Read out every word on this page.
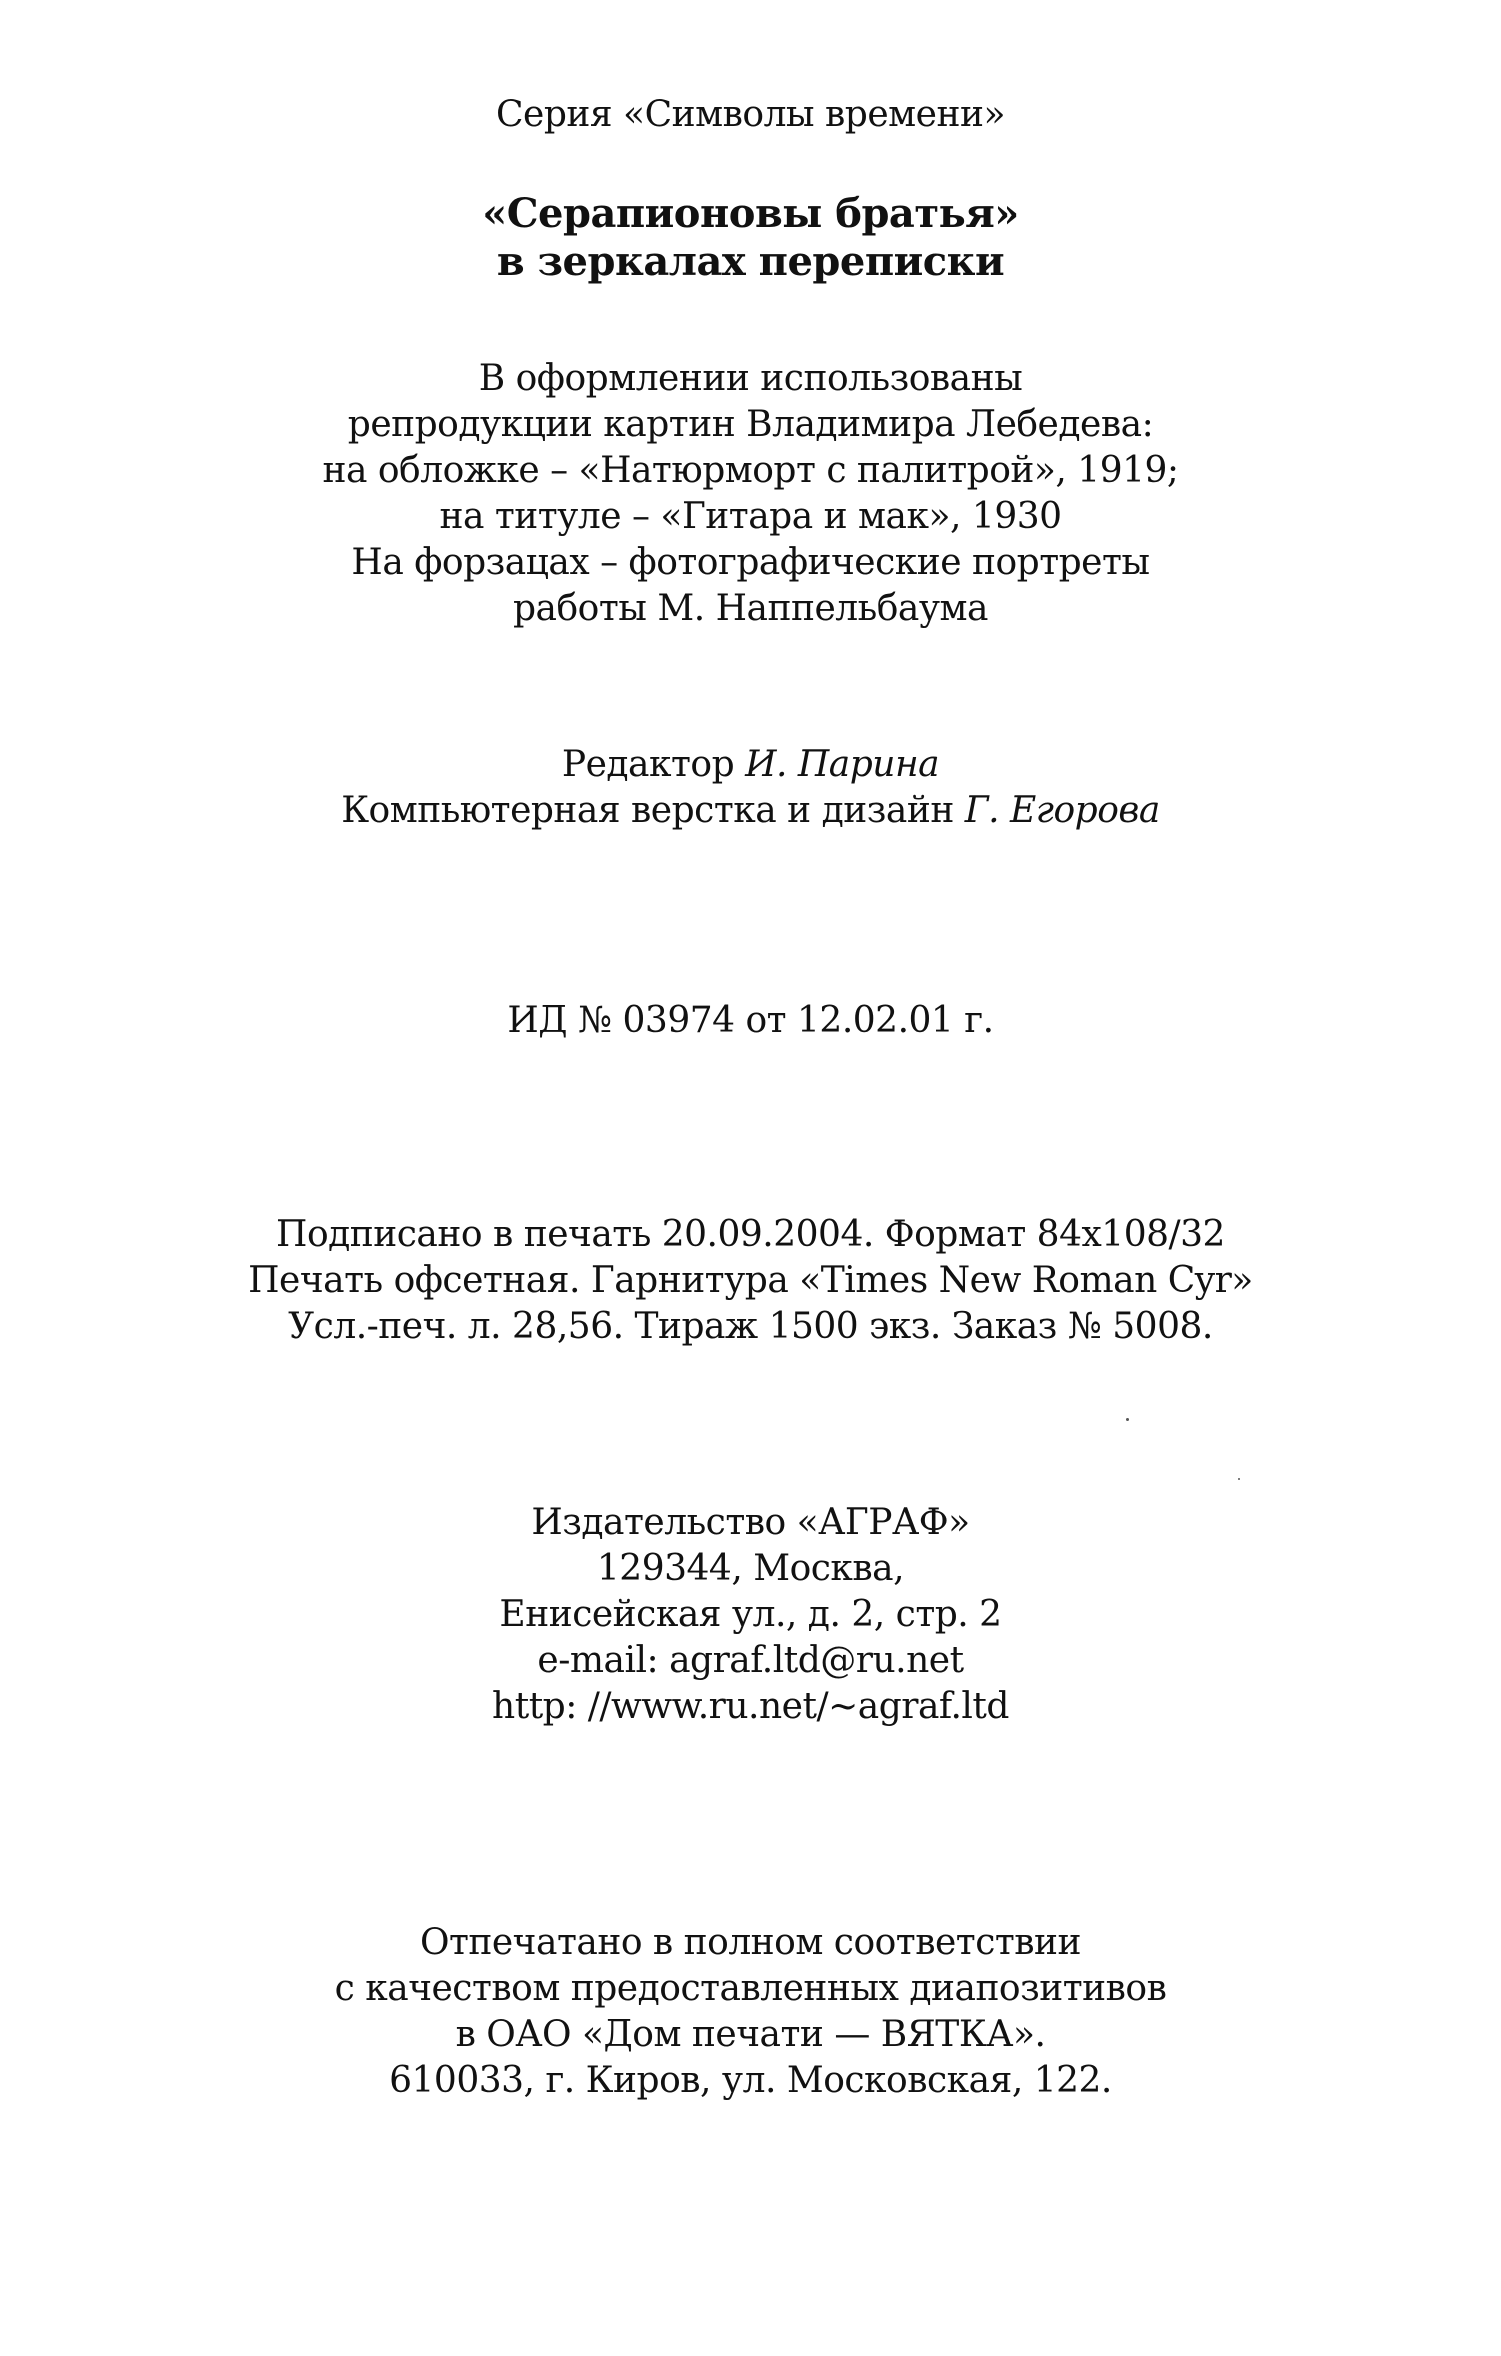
Серия «Символы времени»
«Серапионовы братья»
в зеркалах переписки
В оформлении использованы
репродукции картин Владимира Лебедева:
на обложке – «Натюрморт с палитрой», 1919;
на титуле – «Гитара и мак», 1930
На форзацах – фотографические портреты
работы М. Наппельбаума
Редактор И. Парина
Компьютерная верстка и дизайн Г. Егорова
ИД № 03974 от 12.02.01 г.
Подписано в печать 20.09.2004. Формат 84x108/32
Печать офсетная. Гарнитура «Times New Roman Cyr»
Усл.-печ. л. 28,56. Тираж 1500 экз. Заказ № 5008.
Издательство «АГРАФ»
129344, Москва,
Енисейская ул., д. 2, стр. 2
e-mail: agraf.ltd@ru.net
http: //www.ru.net/~agraf.ltd
Отпечатано в полном соответствии
с качеством предоставленных диапозитивов
в ОАО «Дом печати — ВЯТКА».
610033, г. Киров, ул. Московская, 122.
